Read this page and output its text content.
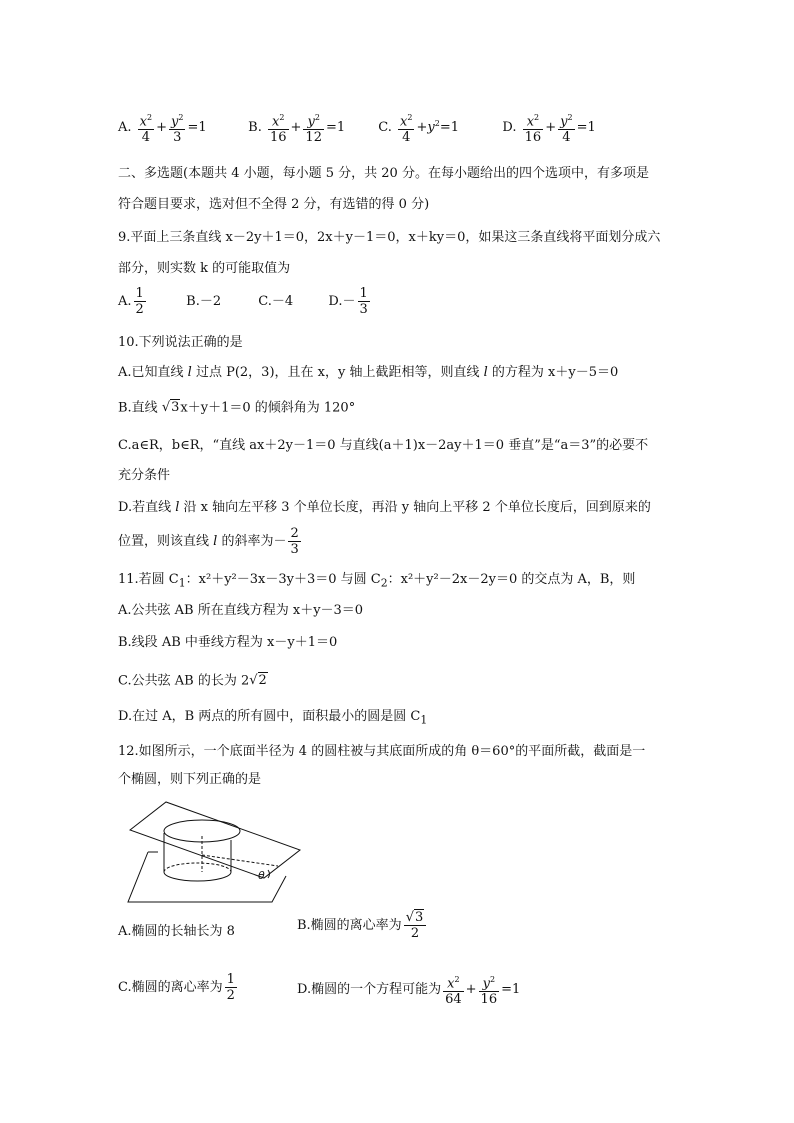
A. $\frac{x^2}{4} + \frac{y^2}{3} =1$	B. $\frac{x^2}{16} + \frac{y^2}{12} =1$	C. $\frac{x^2}{4} +y^2=1$	D. $\frac{x^2}{16} + \frac{y^2}{4} =1$
二、多选题(本题共 4 小题，每小题 5 分，共 20 分。在每小题给出的四个选项中，有多项是
符合题目要求，选对但不全得 2 分，有选错的得 0 分)
9.平面上三条直线 x－2y＋1＝0，2x＋y－1＝0，x＋ky＝0，如果这三条直线将平面划分成六
部分，则实数 k 的可能取值为
A. $\frac{1}{2}$	B.－2	C.－4	$D.- \frac{1}{3}$
10.下列说法正确的是
A.已知直线 l 过点 P(2，3)，且在 x，y 轴上截距相等，则直线 l 的方程为 x＋y－5＝0
B.直线 √3x＋y＋1＝0 的倾斜角为 120°
C.a∈R，b∈R，“直线 ax＋2y－1＝0 与直线(a＋1)x－2ay＋1＝0 垂直”是“a＝3”的必要不
充分条件
D.若直线 l 沿 x 轴向左平移 3 个单位长度，再沿 y 轴向上平移 2 个单位长度后，回到原来的
位置，则该直线 l 的斜率为－ $\frac{2}{3}$
11.若圆 $C_1$：x²＋y²－3x－3y＋3＝0 与圆 $C_2$：x²＋y²－2x－2y＝0 的交点为 A，B，则
A.公共弦 AB 所在直线方程为 x＋y－3＝0
B.线段 AB 中垂线方程为 x－y＋1＝0
C.公共弦 AB 的长为 2√2
D.在过 A，B 两点的所有圆中，面积最小的圆是圆 $C_1$
12.如图所示，一个底面半径为 4 的圆柱被与其底面所成的角 θ＝60°的平面所截，截面是一
个椭圆，则下列正确的是
θ
A.椭圆的长轴长为 8	B.椭圆的离心率为 $\frac{√3}{2}$
C.椭圆的离心率为 $\frac{1}{2}$	D.椭圆的一个方程可能为 $\frac{x^2}{64} + \frac{y^2}{16} =1$
